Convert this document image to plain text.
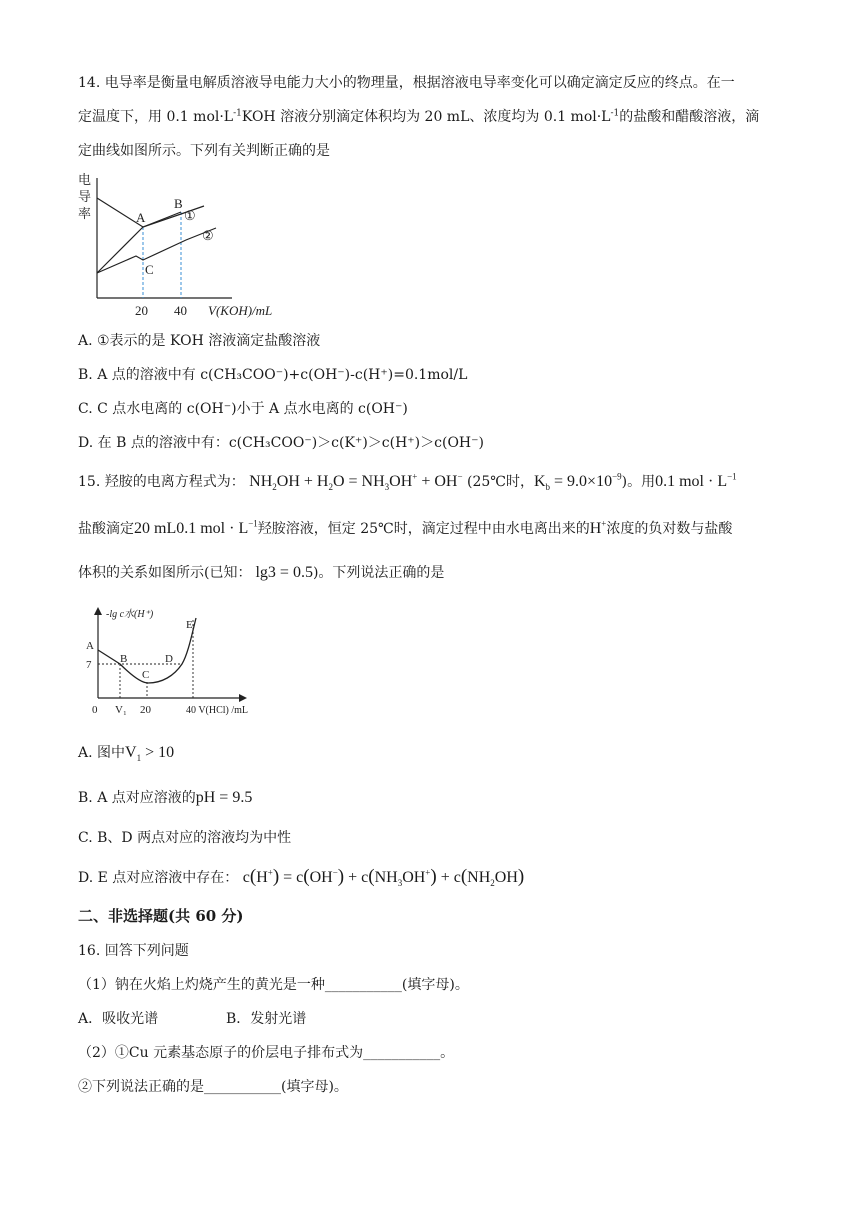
14. 电导率是衡量电解质溶液导电能力大小的物理量，根据溶液电导率变化可以确定滴定反应的终点。在一
定温度下，用 0.1 $mol\cdot L^{-1}KOH$ 溶液分别滴定体积均为 20 mL、浓度均为 0.1 $mol\cdot L^{-1}$的盐酸和醋酸溶液，滴
定曲线如图所示。下列有关判断正确的是
电
导
率	A
B
C
①
②
20 40 V(KOH)/mL
A. ①表示的是 KOH 溶液滴定盐酸溶液
B. A 点的溶液中有 c(CH₃COO⁻)+c(OH⁻)-c(H⁺)=0.1mol/L
C. C 点水电离的 c(OH⁻)小于 A 点水电离的 c(OH⁻)
D. 在 B 点的溶液中有：c(CH₃COO⁻)＞c(K⁺)＞c(H⁺)＞c(OH⁻)
15. 羟胺的电离方程式为： $NH_2OH + H_2O = NH_3OH^+ + OH^-$ (25℃时，$K_b = 9.0\times 10^{-9}$)。用0.1 mol · $L^{-1}$
盐酸滴定20 mL0.1 mol · $L^{-1}$羟胺溶液，恒定 25℃时，滴定过程中由水电离出来的H+浓度的负对数与盐酸
体积的关系如图所示(已知： lg3 = 0.5)。下列说法正确的是
-lg c水(H⁺)
A
7	B
C
D
E
0 V₁ 20	40 V(HCl) /mL
A. 图中$V_1 > 10$
B. A 点对应溶液的pH = 9.5
C. B、D 两点对应的溶液均为中性
D. E 点对应溶液中存在： $c(H^+) = c(OH^-) + c(NH_3OH^+) + c(NH_2OH)$
二、非选择题(共 60 分)
16. 回答下列问题
（1）钠在火焰上灼烧产生的黄光是一种___________(填字母)。
A．吸收光谱	B．发射光谱
（2）①Cu 元素基态原子的价层电子排布式为___________。
②下列说法正确的是___________(填字母)。
